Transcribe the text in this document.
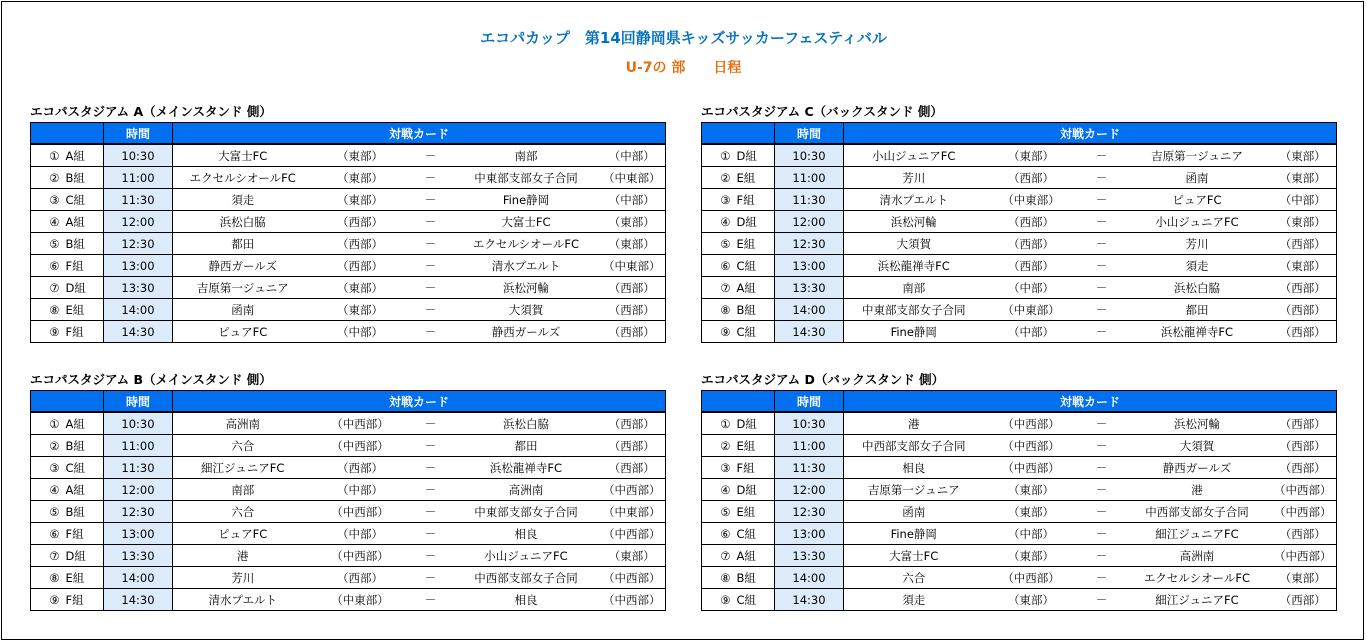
エコパカップ　第14回静岡県キッズサッカーフェスティバル
U-7の 部 日程
エコパスタジアム A（メインスタンド 側）
		時間	対戦カード				
①	A組	10:30	大富士FC	（東部）	－	南部	（中部）
②	B組	11:00	エクセルシオールFC	（東部）	－	中東部支部女子合同	（中東部）
③	C組	11:30	須走	（東部）	－	Fine静岡	（中部）
④	A組	12:00	浜松白脇	（西部）	－	大富士FC	（東部）
⑤	B組	12:30	都田	（西部）	－	エクセルシオールFC	（東部）
⑥	F組	13:00	静西ガールズ	（西部）	－	清水プエルト	（中東部）
⑦	D組	13:30	吉原第一ジュニア	（東部）	－	浜松河輪	（西部）
⑧	E組	14:00	函南	（東部）	－	大須賀	（西部）
⑨	F組	14:30	ピュアFC	（中部）	－	静西ガールズ	（西部）
エコパスタジアム C（バックスタンド 側）
		時間	対戦カード				
①	D組	10:30	小山ジュニアFC	（東部）	－	吉原第一ジュニア	（東部）
②	E組	11:00	芳川	（西部）	－	函南	（東部）
③	F組	11:30	清水プエルト	（中東部）	－	ピュアFC	（中部）
④	D組	12:00	浜松河輪	（西部）	－	小山ジュニアFC	（東部）
⑤	E組	12:30	大須賀	（西部）	－	芳川	（西部）
⑥	C組	13:00	浜松龍禅寺FC	（西部）	－	須走	（東部）
⑦	A組	13:30	南部	（中部）	－	浜松白脇	（西部）
⑧	B組	14:00	中東部支部女子合同	（中東部）	－	都田	（西部）
⑨	C組	14:30	Fine静岡	（中部）	－	浜松龍禅寺FC	（西部）
エコパスタジアム B（メインスタンド 側）
		時間	対戦カード				
①	A組	10:30	高洲南	（中西部）	－	浜松白脇	（西部）
②	B組	11:00	六合	（中西部）	－	都田	（西部）
③	C組	11:30	細江ジュニアFC	（西部）	－	浜松龍禅寺FC	（西部）
④	A組	12:00	南部	（中部）	－	高洲南	（中西部）
⑤	B組	12:30	六合	（中西部）	－	中東部支部女子合同	（中東部）
⑥	F組	13:00	ピュアFC	（中部）	－	相良	（中西部）
⑦	D組	13:30	港	（中西部）	－	小山ジュニアFC	（東部）
⑧	E組	14:00	芳川	（西部）	－	中西部支部女子合同	（中西部）
⑨	F組	14:30	清水プエルト	（中東部）	－	相良	（中西部）
エコパスタジアム D（バックスタンド 側）
		時間	対戦カード				
①	D組	10:30	港	（中西部）	－	浜松河輪	（西部）
②	E組	11:00	中西部支部女子合同	（中西部）	－	大須賀	（西部）
③	F組	11:30	相良	（中西部）	－	静西ガールズ	（西部）
④	D組	12:00	吉原第一ジュニア	（東部）	－	港	（中西部）
⑤	E組	12:30	函南	（東部）	－	中西部支部女子合同	（中西部）
⑥	C組	13:00	Fine静岡	（中部）	－	細江ジュニアFC	（西部）
⑦	A組	13:30	大富士FC	（東部）	－	高洲南	（中西部）
⑧	B組	14:00	六合	（中西部）	－	エクセルシオールFC	（東部）
⑨	C組	14:30	須走	（東部）	－	細江ジュニアFC	（西部）
